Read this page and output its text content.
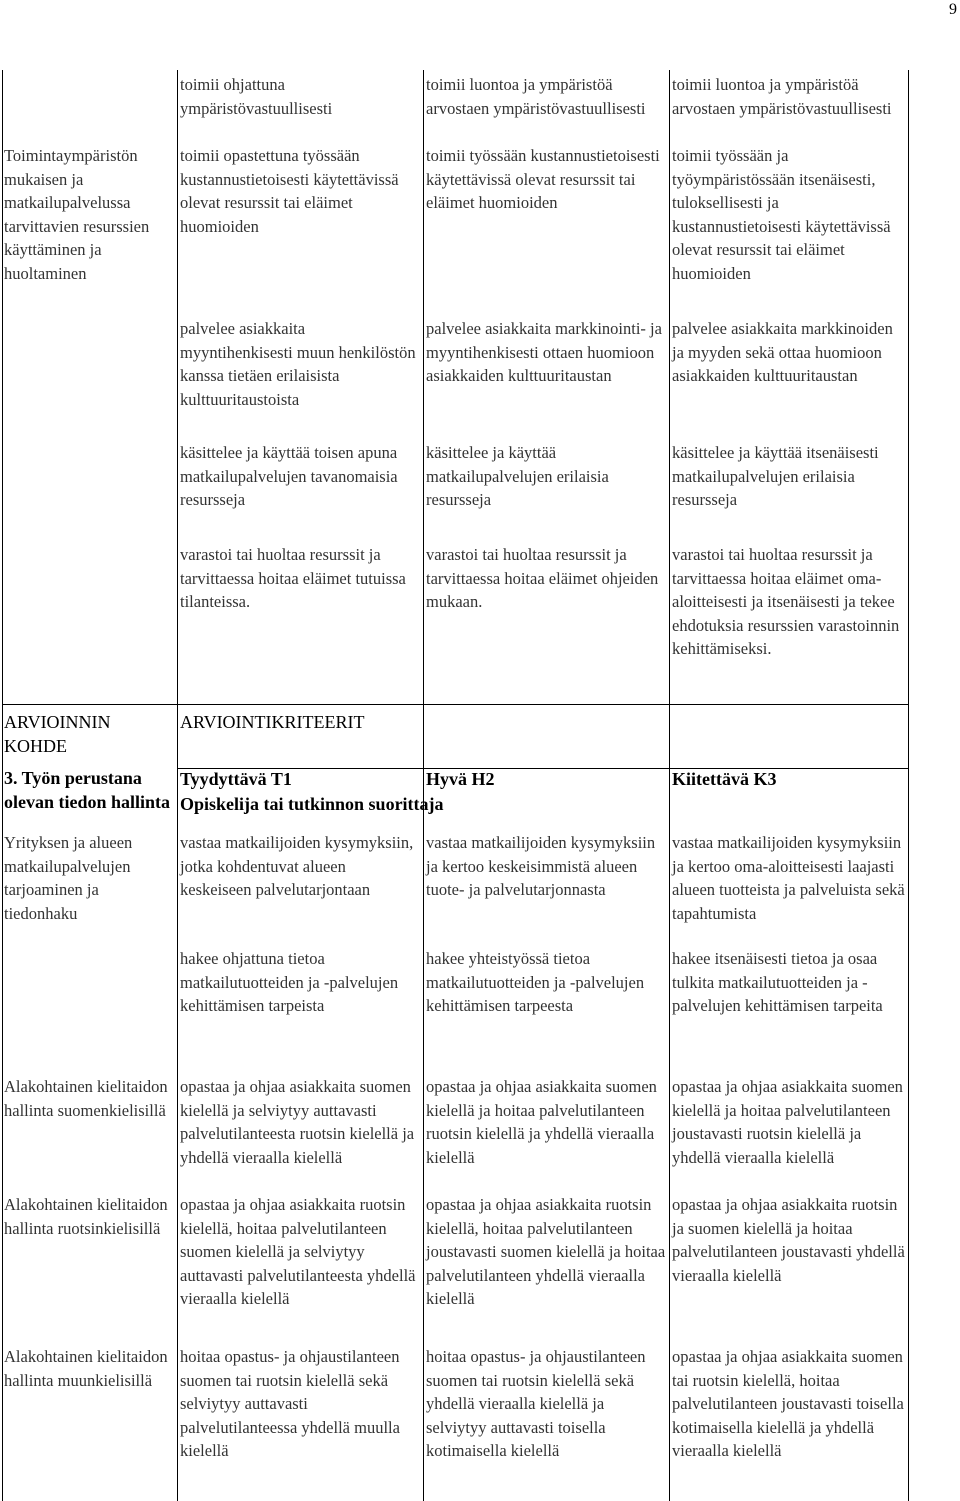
9
Toimintaympäristön mukaisen ja matkailupalvelussa tarvittavien resurssien käyttäminen ja huoltaminen
toimii ohjattuna ympäristövastuullisesti
toimii opastettuna työssään kustannustietoisesti käytettävissä olevat resurssit tai eläimet huomioiden
palvelee asiakkaita myyntihenkisesti muun henkilöstön kanssa tietäen erilaisista kulttuuritaustoista
käsittelee ja käyttää toisen apuna matkailupalvelujen tavanomaisia resursseja
varastoi tai huoltaa resurssit ja tarvittaessa hoitaa eläimet tutuissa tilanteissa.
toimii luontoa ja ympäristöä arvostaen ympäristövastuullisesti
toimii työssään kustannustietoisesti käytettävissä olevat resurssit tai eläimet huomioiden
palvelee asiakkaita markkinointi- ja myyntihenkisesti ottaen huomioon asiakkaiden kulttuuritaustan
käsittelee ja käyttää matkailupalvelujen erilaisia resursseja
varastoi tai huoltaa resurssit ja tarvittaessa hoitaa eläimet ohjeiden mukaan.
toimii luontoa ja ympäristöä arvostaen ympäristövastuullisesti
toimii työssään ja työympäristössään itsenäisesti, tuloksellisesti ja kustannustietoisesti käytettävissä olevat resurssit tai eläimet huomioiden
palvelee asiakkaita markkinoiden ja myyden sekä ottaa huomioon asiakkaiden kulttuuritaustan
käsittelee ja käyttää itsenäisesti matkailupalvelujen erilaisia resursseja
varastoi tai huoltaa resurssit ja tarvittaessa hoitaa eläimet oma-aloitteisesti ja itsenäisesti ja tekee ehdotuksia resurssien varastoinnin kehittämiseksi.
ARVIOINNIN KOHDE
ARVIOINTIKRITEERIT
3. Työn perustana olevan tiedon hallinta
Tyydyttävä T1	Hyvä H2	Kiitettävä K3
Opiskelija tai tutkinnon suorittaja
Yrityksen ja alueen matkailupalvelujen tarjoaminen ja tiedonhaku
vastaa matkailijoiden kysymyksiin, jotka kohdentuvat alueen keskeiseen palvelutarjontaan
hakee ohjattuna tietoa matkailutuotteiden ja -palvelujen kehittämisen tarpeista
vastaa matkailijoiden kysymyksiin ja kertoo keskeisimmistä alueen tuote- ja palvelutarjonnasta
hakee yhteistyössä tietoa matkailutuotteiden ja -palvelujen kehittämisen tarpeesta
vastaa matkailijoiden kysymyksiin ja kertoo oma-aloitteisesti laajasti alueen tuotteista ja palveluista sekä tapahtumista
hakee itsenäisesti tietoa ja osaa tulkita matkailutuotteiden ja -palvelujen kehittämisen tarpeita
Alakohtainen kielitaidon hallinta suomenkielisillä
opastaa ja ohjaa asiakkaita suomen kielellä ja selviytyy auttavasti palvelutilanteesta ruotsin kielellä ja yhdellä vieraalla kielellä
opastaa ja ohjaa asiakkaita suomen kielellä ja hoitaa palvelutilanteen ruotsin kielellä ja yhdellä vieraalla kielellä
opastaa ja ohjaa asiakkaita suomen kielellä ja hoitaa palvelutilanteen joustavasti ruotsin kielellä ja yhdellä vieraalla kielellä
Alakohtainen kielitaidon hallinta ruotsinkielisillä
opastaa ja ohjaa asiakkaita ruotsin kielellä, hoitaa palvelutilanteen suomen kielellä ja selviytyy auttavasti palvelutilanteesta yhdellä vieraalla kielellä
opastaa ja ohjaa asiakkaita ruotsin kielellä, hoitaa palvelutilanteen joustavasti suomen kielellä ja hoitaa palvelutilanteen yhdellä vieraalla kielellä
opastaa ja ohjaa asiakkaita ruotsin ja suomen kielellä ja hoitaa palvelutilanteen joustavasti yhdellä vieraalla kielellä
Alakohtainen kielitaidon hallinta muunkielisillä
hoitaa opastus- ja ohjaustilanteen suomen tai ruotsin kielellä sekä selviytyy auttavasti palvelutilanteessa yhdellä muulla kielellä
hoitaa opastus- ja ohjaustilanteen suomen tai ruotsin kielellä sekä yhdellä vieraalla kielellä ja selviytyy auttavasti toisella kotimaisella kielellä
opastaa ja ohjaa asiakkaita suomen tai ruotsin kielellä, hoitaa palvelutilanteen joustavasti toisella kotimaisella kielellä ja yhdellä vieraalla kielellä
